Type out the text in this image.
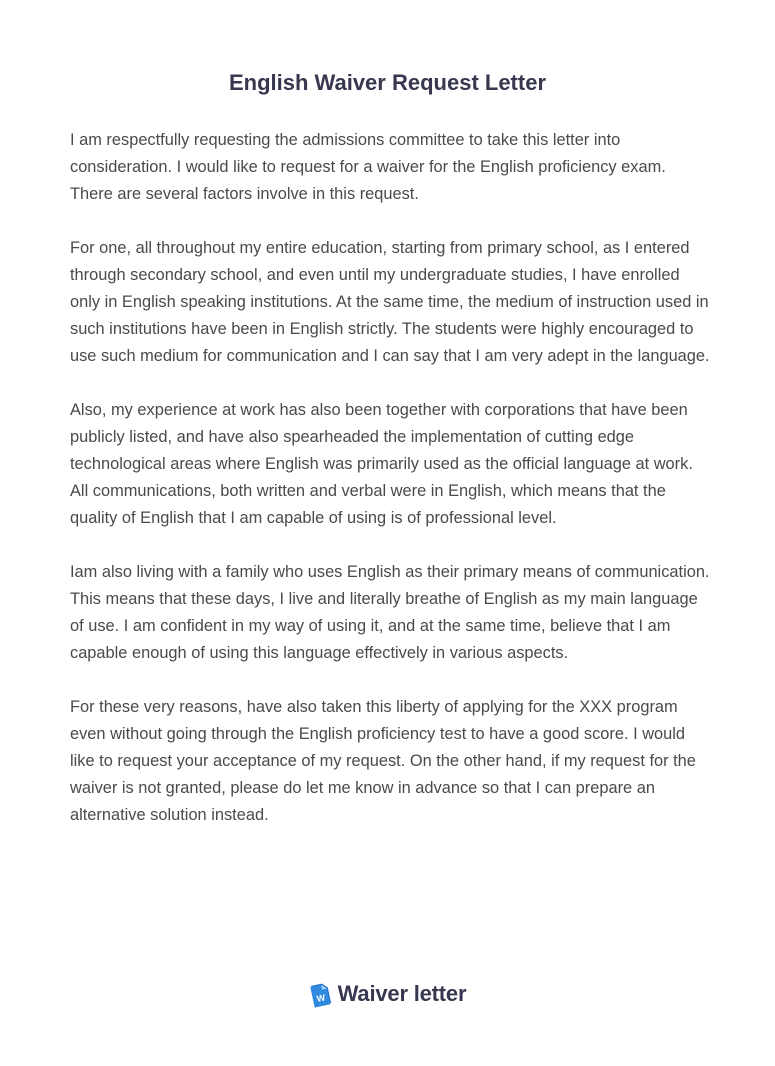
English Waiver Request Letter

I am respectfully requesting the admissions committee to take this letter into consideration. I would like to request for a waiver for the English proficiency exam. There are several factors involve in this request.

For one, all throughout my entire education, starting from primary school, as I entered through secondary school, and even until my undergraduate studies, I have enrolled only in English speaking institutions. At the same time, the medium of instruction used in such institutions have been in English strictly. The students were highly encouraged to use such medium for communication and I can say that I am very adept in the language.

Also, my experience at work has also been together with corporations that have been publicly listed, and have also spearheaded the implementation of cutting edge technological areas where English was primarily used as the official language at work. All communications, both written and verbal were in English, which means that the quality of English that I am capable of using is of professional level.

Iam also living with a family who uses English as their primary means of communication. This means that these days, I live and literally breathe of English as my main language of use. I am confident in my way of using it, and at the same time, believe that I am capable enough of using this language effectively in various aspects.

For these very reasons, have also taken this liberty of applying for the XXX program even without going through the English proficiency test to have a good score. I would like to request your acceptance of my request. On the other hand, if my request for the waiver is not granted, please do let me know in advance so that I can prepare an alternative solution instead.

W Waiver letter
